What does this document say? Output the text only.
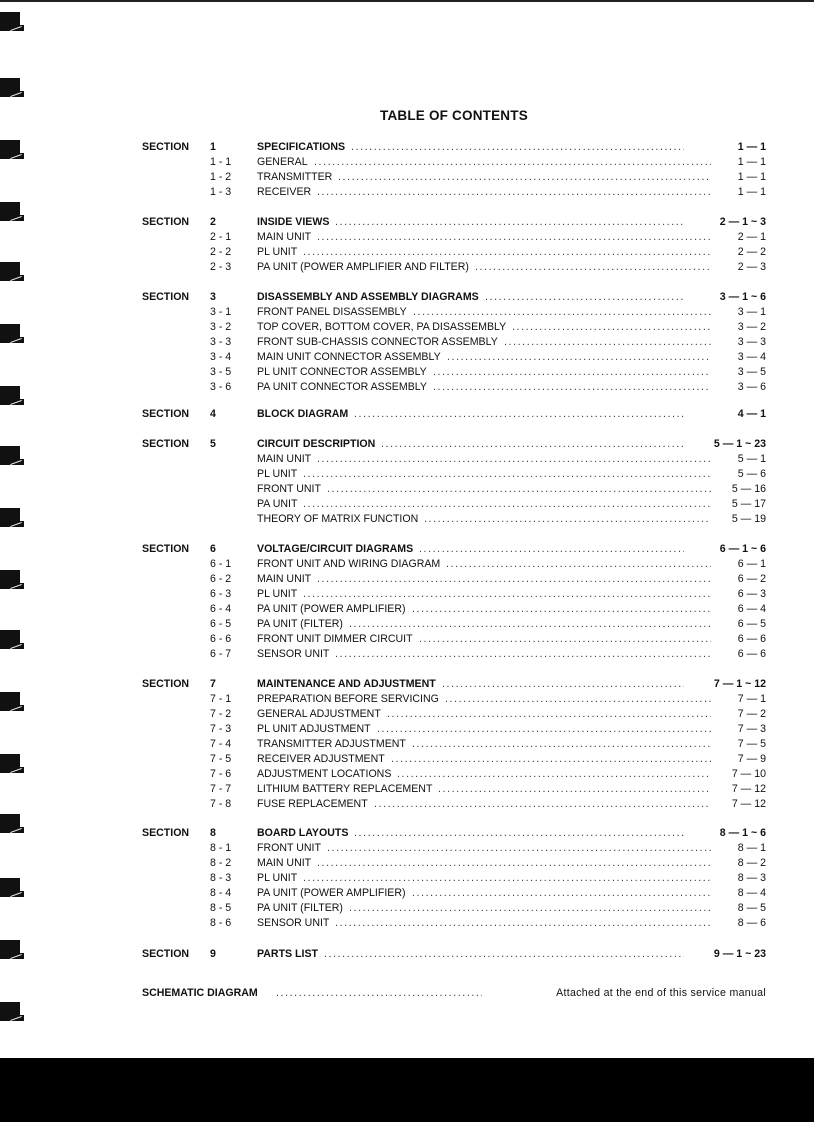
TABLE OF CONTENTS
SECTION 1	SPECIFICATIONS .....	1 — 1
1 - 1 GENERAL .....	1 — 1
1 - 2 TRANSMITTER .....	1 — 1
1 - 3 RECEIVER .....	1 — 1
SECTION 2	INSIDE VIEWS .....	2 — 1 ~ 3
2 - 1 MAIN UNIT .....	2 — 1
2 - 2 PL UNIT .....	2 — 2
2 - 3 PA UNIT (POWER AMPLIFIER AND FILTER) .....	2 — 3
SECTION 3	DISASSEMBLY AND ASSEMBLY DIAGRAMS .....	3 — 1 ~ 6
3 - 1 FRONT PANEL DISASSEMBLY .....	3 — 1
3 - 2 TOP COVER, BOTTOM COVER, PA DISASSEMBLY .....	3 — 2
3 - 3 FRONT SUB-CHASSIS CONNECTOR ASSEMBLY .....	3 — 3
3 - 4 MAIN UNIT CONNECTOR ASSEMBLY .....	3 — 4
3 - 5 PL UNIT CONNECTOR ASSEMBLY .....	3 — 5
3 - 6 PA UNIT CONNECTOR ASSEMBLY .....	3 — 6
SECTION 4	BLOCK DIAGRAM .....	4 — 1
SECTION 5	CIRCUIT DESCRIPTION .....	5 — 1 ~ 23
MAIN UNIT .....	5 — 1
PL UNIT .....	5 — 6
FRONT UNIT .....	5 — 16
PA UNIT .....	5 — 17
THEORY OF MATRIX FUNCTION .....	5 — 19
SECTION 6	VOLTAGE/CIRCUIT DIAGRAMS .....	6 — 1 ~ 6
6 - 1 FRONT UNIT AND WIRING DIAGRAM .....	6 — 1
6 - 2 MAIN UNIT .....	6 — 2
6 - 3 PL UNIT .....	6 — 3
6 - 4 PA UNIT (POWER AMPLIFIER) .....	6 — 4
6 - 5 PA UNIT (FILTER) .....	6 — 5
6 - 6 FRONT UNIT DIMMER CIRCUIT .....	6 — 6
6 - 7 SENSOR UNIT .....	6 — 6
SECTION 7	MAINTENANCE AND ADJUSTMENT .....	7 — 1 ~ 12
7 - 1 PREPARATION BEFORE SERVICING .....	7 — 1
7 - 2 GENERAL ADJUSTMENT .....	7 — 2
7 - 3 PL UNIT ADJUSTMENT .....	7 — 3
7 - 4 TRANSMITTER ADJUSTMENT .....	7 — 5
7 - 5 RECEIVER ADJUSTMENT .....	7 — 9
7 - 6 ADJUSTMENT LOCATIONS .....	7 — 10
7 - 7 LITHIUM BATTERY REPLACEMENT .....	7 — 12
7 - 8 FUSE REPLACEMENT .....	7 — 12
SECTION 8	BOARD LAYOUTS .....	8 — 1 ~ 6
8 - 1 FRONT UNIT .....	8 — 1
8 - 2 MAIN UNIT .....	8 — 2
8 - 3 PL UNIT .....	8 — 3
8 - 4 PA UNIT (POWER AMPLIFIER) .....	8 — 4
8 - 5 PA UNIT (FILTER) .....	8 — 5
8 - 6 SENSOR UNIT .....	8 — 6
SECTION 9	PARTS LIST .....	9 — 1 ~ 23
SCHEMATIC DIAGRAM .....	Attached at the end of this service manual
